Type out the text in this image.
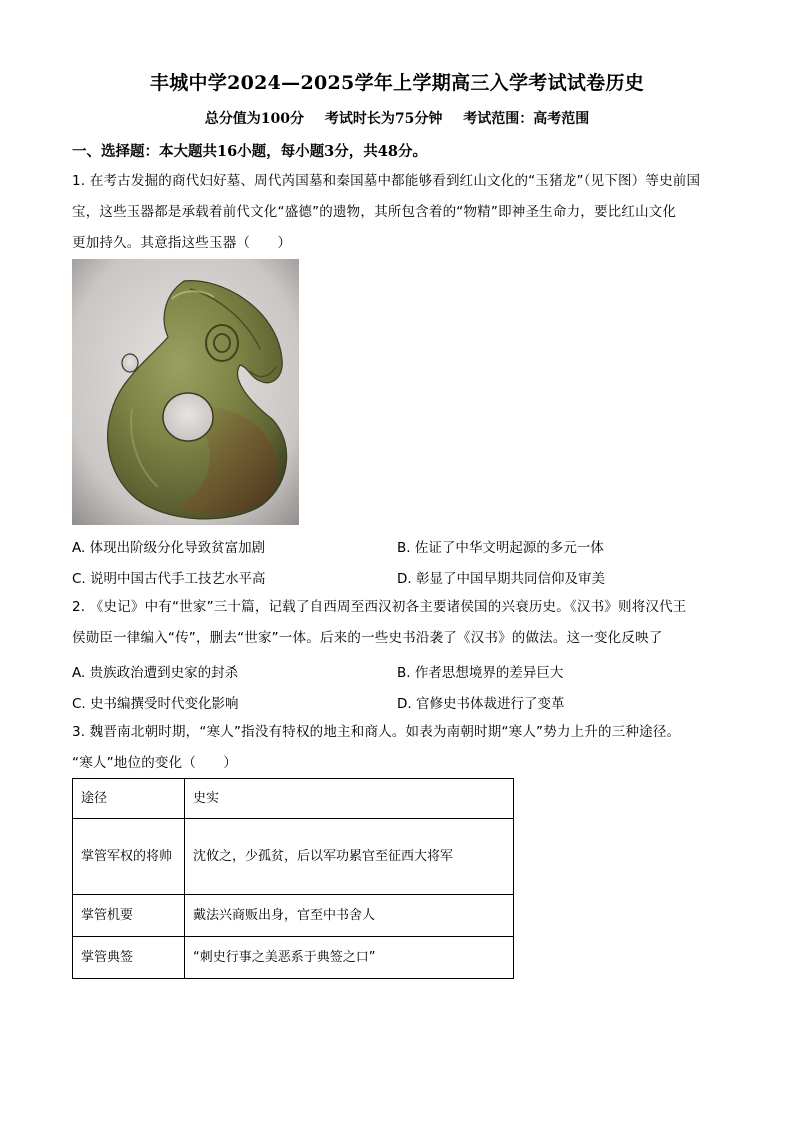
丰城中学2024—2025学年上学期高三入学考试试卷历史
总分值为100分 考试时长为75分钟 考试范围：高考范围
一、选择题：本大题共16小题，每小题3分，共48分。
1. 在考古发掘的商代妇好墓、周代芮国墓和秦国墓中都能够看到红山文化的“玉猪龙”（见下图）等史前国
宝，这些玉器都是承载着前代文化“盛德”的遗物，其所包含着的“物精”即神圣生命力，要比红山文化
更加持久。其意指这些玉器（　　）
A. 体现出阶级分化导致贫富加剧	B. 佐证了中华文明起源的多元一体
C. 说明中国古代手工技艺水平高	D. 彰显了中国早期共同信仰及审美
2. 《史记》中有“世家”三十篇，记载了自西周至西汉初各主要诸侯国的兴衰历史。《汉书》则将汉代王
侯勋臣一律编入“传”，删去“世家”一体。后来的一些史书沿袭了《汉书》的做法。这一变化反映了
A. 贵族政治遭到史家的封杀	B. 作者思想境界的差异巨大
C. 史书编撰受时代变化影响	D. 官修史书体裁进行了变革
3. 魏晋南北朝时期，“寒人”指没有特权的地主和商人。如表为南朝时期“寒人”势力上升的三种途径。
“寒人”地位的变化（　　）
途径	史实
掌管军权的将帅	沈攸之，少孤贫，后以军功累官至征西大将军
掌管机要	戴法兴商贩出身，官至中书舍人
掌管典签	“刺史行事之美恶系于典签之口”
